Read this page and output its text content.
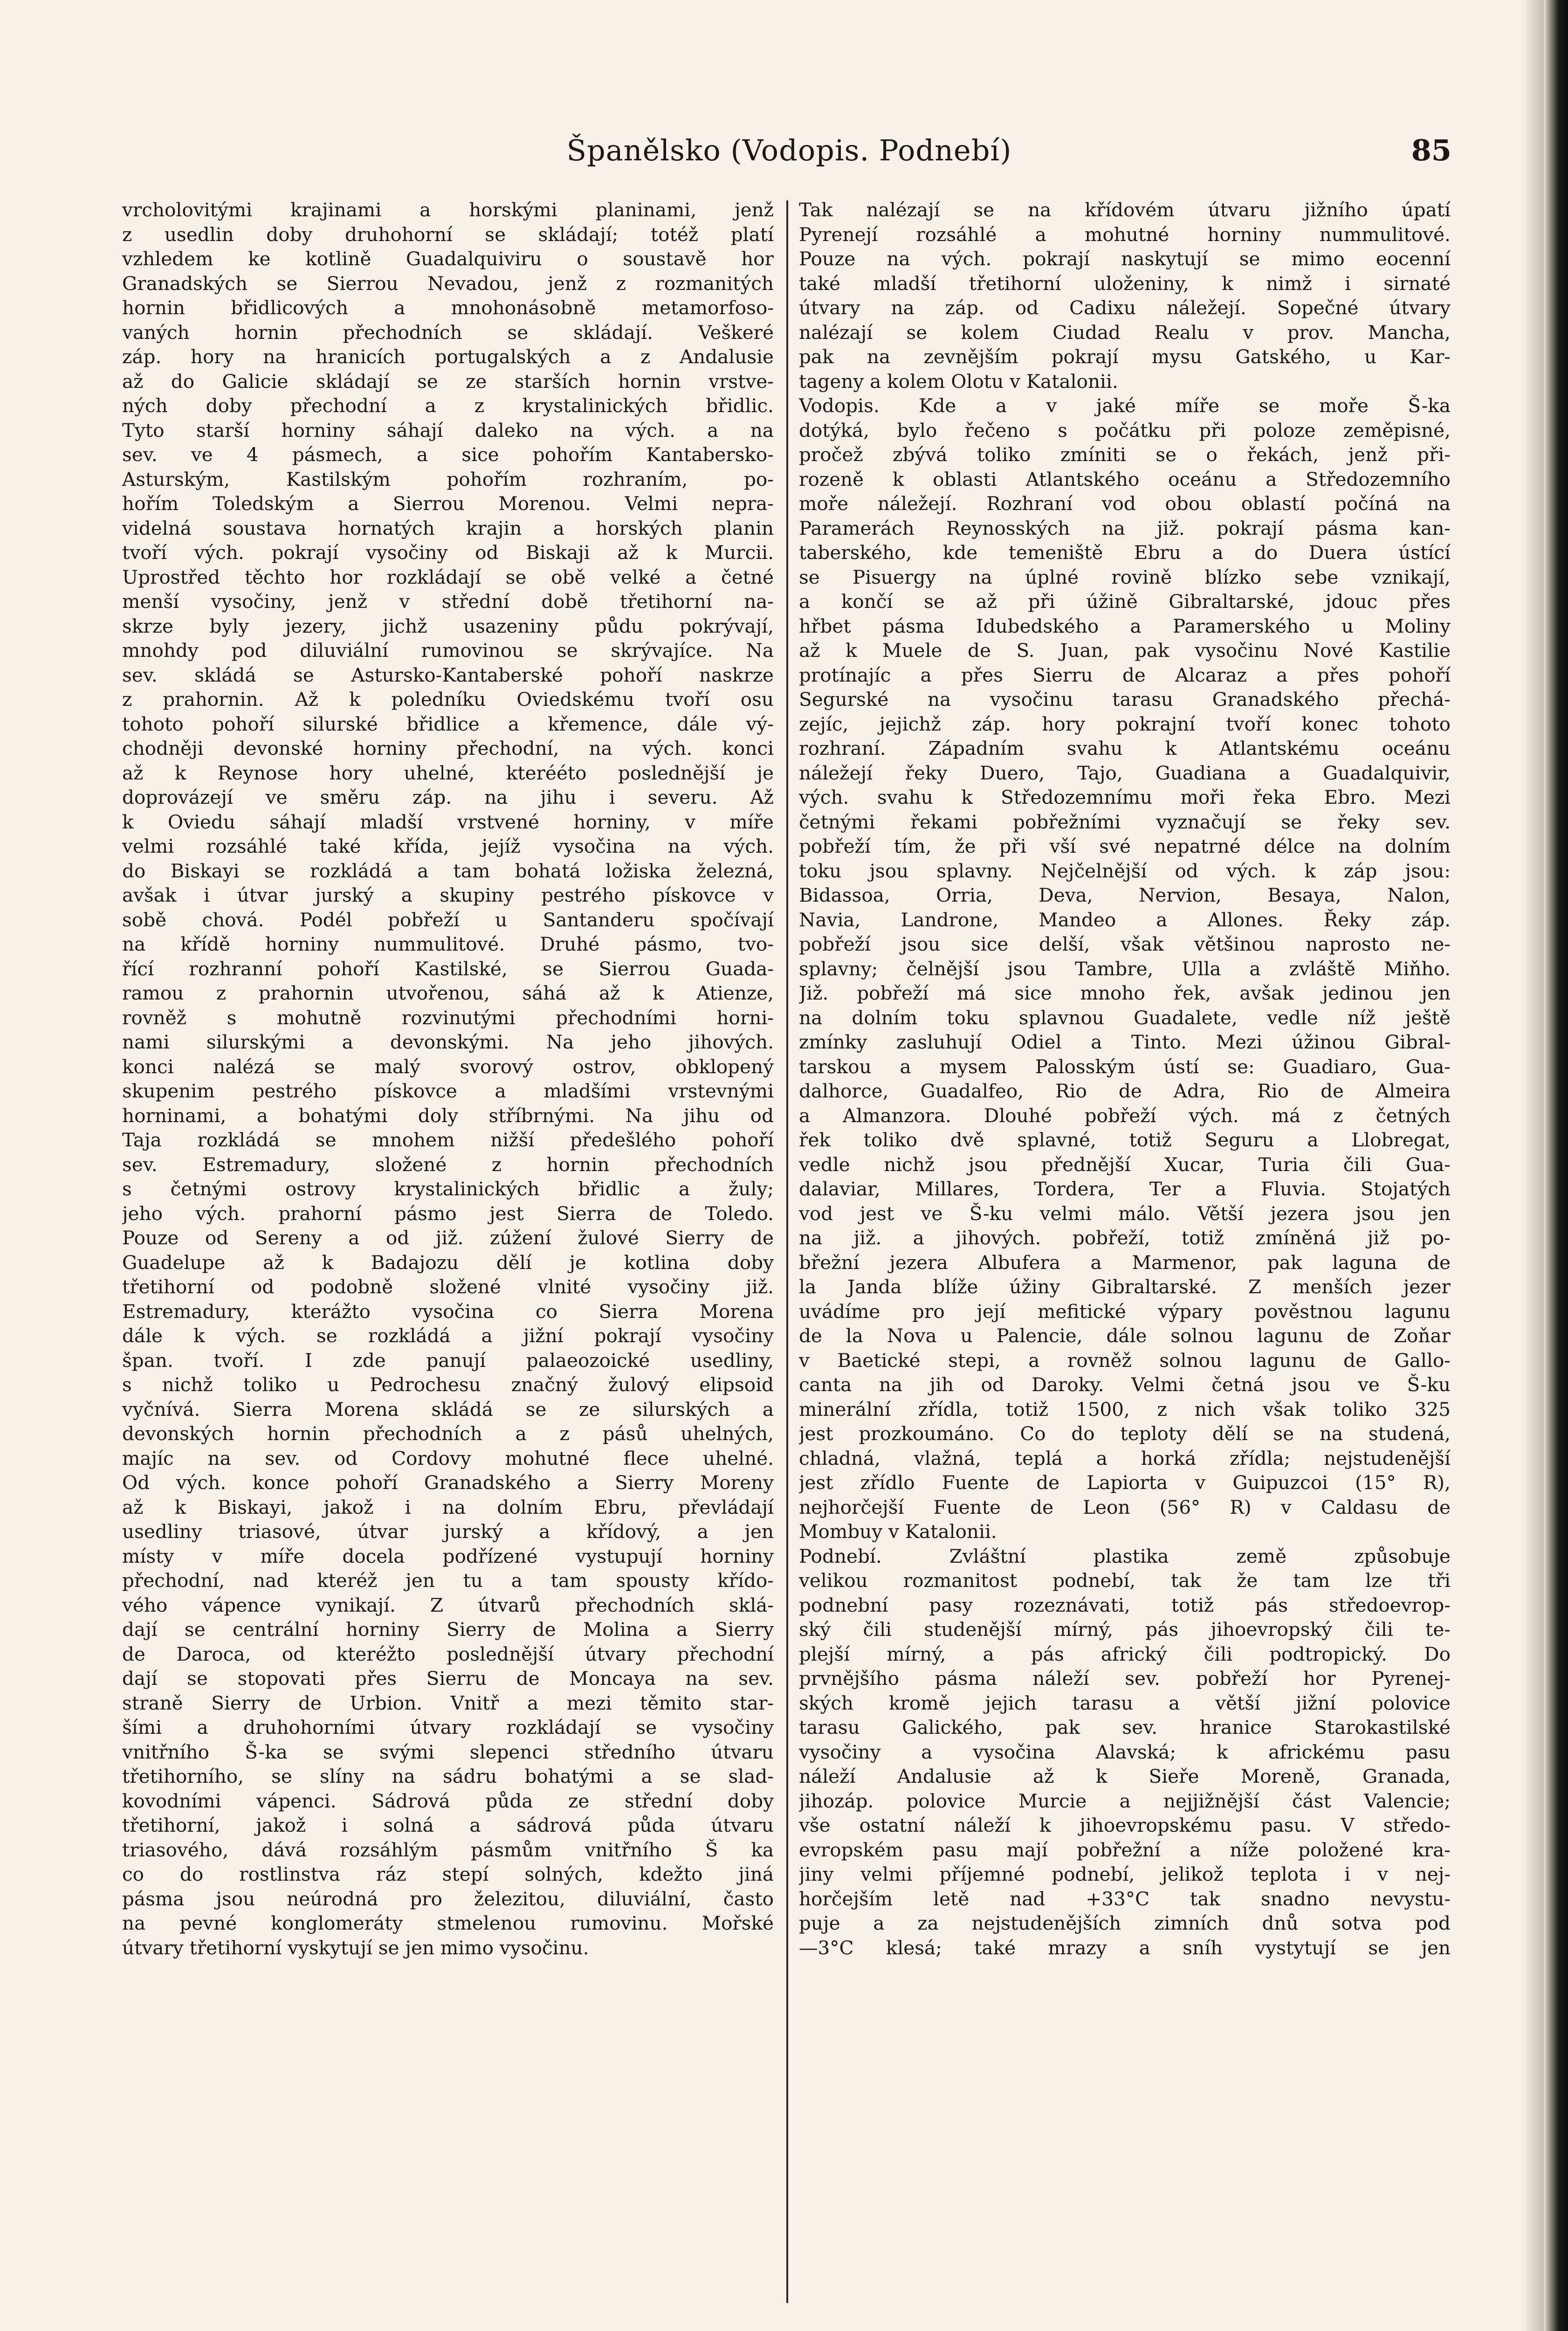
Španělsko (Vodopis. Podnebí)	85
vrcholovitými krajinami a horskými planinami, jenž
z usedlin doby druhohorní se skládají; totéž platí
vzhledem ke kotlině Guadalquiviru o soustavě hor
Granadských se Sierrou Nevadou, jenž z rozmanitých
hornin břidlicových a mnohonásobně metamorfoso-
vaných hornin přechodních se skládají. Veškeré
záp. hory na hranicích portugalských a z Andalusie
až do Galicie skládají se ze starších hornin vrstve-
ných doby přechodní a z krystalinických břidlic.
Tyto starší horniny sáhají daleko na vých. a na
sev. ve 4 pásmech, a sice pohořím Kantabersko-
Asturským, Kastilským pohořím rozhraním, po-
hořím Toledským a Sierrou Morenou. Velmi nepra-
videlná soustava hornatých krajin a horských planin
tvoří vých. pokrají vysočiny od Biskaji až k Murcii.
Uprostřed těchto hor rozkládají se obě velké a četné
menší vysočiny, jenž v střední době třetihorní na-
skrze byly jezery, jichž usazeniny půdu pokrývají,
mnohdy pod diluviální rumovinou se skrývajíce. Na
sev. skládá se Astursko-Kantaberské pohoří naskrze
z prahornin. Až k poledníku Oviedskému tvoří osu
tohoto pohoří silurské břidlice a křemence, dále vý-
chodněji devonské horniny přechodní, na vých. konci
až k Reynose hory uhelné, kterééto poslednější je
doprovázejí ve směru záp. na jihu i severu. Až
k Oviedu sáhají mladší vrstvené horniny, v míře
velmi rozsáhlé také křída, jejíž vysočina na vých.
do Biskayi se rozkládá a tam bohatá ložiska železná,
avšak i útvar jurský a skupiny pestrého pískovce v
sobě chová. Podél pobřeží u Santanderu spočívají
na křídě horniny nummulitové. Druhé pásmo, tvo-
řící rozhranní pohoří Kastilské, se Sierrou Guada-
ramou z prahornin utvořenou, sáhá až k Atienze,
rovněž s mohutně rozvinutými přechodními horni-
nami silurskými a devonskými. Na jeho jihových.
konci nalézá se malý svorový ostrov, obklopený
skupenim pestrého pískovce a mladšími vrstevnými
horninami, a bohatými doly stříbrnými. Na jihu od
Taja rozkládá se mnohem nižší předešlého pohoří
sev. Estremadury, složené z hornin přechodních
s četnými ostrovy krystalinických břidlic a žuly;
jeho vých. prahorní pásmo jest Sierra de Toledo.
Pouze od Sereny a od již. zúžení žulové Sierry de
Guadelupe až k Badajozu dělí je kotlina doby
třetihorní od podobně složené vlnité vysočiny již.
Estremadury, kterážto vysočina co Sierra Morena
dále k vých. se rozkládá a jižní pokrají vysočiny
špan. tvoří. I zde panují palaeozoické usedliny,
s nichž toliko u Pedrochesu značný žulový elipsoid
vyčnívá. Sierra Morena skládá se ze silurských a
devonských hornin přechodních a z pásů uhelných,
majíc na sev. od Cordovy mohutné flece uhelné.
Od vých. konce pohoří Granadského a Sierry Moreny
až k Biskayi, jakož i na dolním Ebru, převládají
usedliny triasové, útvar jurský a křídový, a jen
místy v míře docela podřízené vystupují horniny
přechodní, nad kteréž jen tu a tam spousty křído-
vého vápence vynikají. Z útvarů přechodních sklá-
dají se centrální horniny Sierry de Molina a Sierry
de Daroca, od kteréžto poslednější útvary přechodní
dají se stopovati přes Sierru de Moncaya na sev.
straně Sierry de Urbion. Vnitř a mezi těmito star-
šími a druhohorními útvary rozkládají se vysočiny
vnitřního Š-ka se svými slepenci středního útvaru
třetihorního, se slíny na sádru bohatými a se slad-
kovodními vápenci. Sádrová půda ze střední doby
třetihorní, jakož i solná a sádrová půda útvaru
triasového, dává rozsáhlým pásmům vnitřního Š ka
co do rostlinstva ráz stepí solných, kdežto jiná
pásma jsou neúrodná pro železitou, diluviální, často
na pevné konglomeráty stmelenou rumovinu. Mořské
útvary třetihorní vyskytují se jen mimo vysočinu.
Tak nalézají se na křídovém útvaru jižního úpatí
Pyrenejí rozsáhlé a mohutné horniny nummulitové.
Pouze na vých. pokrají naskytují se mimo eocenní
také mladší třetihorní uloženiny, k nimž i sirnaté
útvary na záp. od Cadixu náležejí. Sopečné útvary
nalézají se kolem Ciudad Realu v prov. Mancha,
pak na zevnějším pokrají mysu Gatského, u Kar-
tageny a kolem Olotu v Katalonii.
Vodopis. Kde a v jaké míře se moře Š-ka
dotýká, bylo řečeno s počátku při poloze zeměpisné,
pročež zbývá toliko zmíniti se o řekách, jenž při-
rozeně k oblasti Atlantského oceánu a Středozemního
moře náležejí. Rozhraní vod obou oblastí počíná na
Paramerách Reynosských na již. pokrají pásma kan-
taberského, kde temeniště Ebru a do Duera ústící
se Pisuergy na úplné rovině blízko sebe vznikají,
a končí se až při úžině Gibraltarské, jdouc přes
hřbet pásma Idubedského a Paramerského u Moliny
až k Muele de S. Juan, pak vysočinu Nové Kastilie
protínajíc a přes Sierru de Alcaraz a přes pohoří
Segurské na vysočinu tarasu Granadského přechá-
zejíc, jejichž záp. hory pokrajní tvoří konec tohoto
rozhraní. Západním svahu k Atlantskému oceánu
náležejí řeky Duero, Tajo, Guadiana a Guadalquivir,
vých. svahu k Středozemnímu moři řeka Ebro. Mezi
četnými řekami pobřežními vyznačují se řeky sev.
pobřeží tím, že při vší své nepatrné délce na dolním
toku jsou splavny. Nejčelnější od vých. k záp jsou:
Bidassoa, Orria, Deva, Nervion, Besaya, Nalon,
Navia, Landrone, Mandeo a Allones. Řeky záp.
pobřeží jsou sice delší, však většinou naprosto ne-
splavny; čelnější jsou Tambre, Ulla a zvláště Miňho.
Již. pobřeží má sice mnoho řek, avšak jedinou jen
na dolním toku splavnou Guadalete, vedle níž ještě
zmínky zasluhují Odiel a Tinto. Mezi úžinou Gibral-
tarskou a mysem Palosským ústí se: Guadiaro, Gua-
dalhorce, Guadalfeo, Rio de Adra, Rio de Almeira
a Almanzora. Dlouhé pobřeží vých. má z četných
řek toliko dvě splavné, totiž Seguru a Llobregat,
vedle nichž jsou přednější Xucar, Turia čili Gua-
dalaviar, Millares, Tordera, Ter a Fluvia. Stojatých
vod jest ve Š-ku velmi málo. Větší jezera jsou jen
na již. a jihových. pobřeží, totiž zmíněná již po-
břežní jezera Albufera a Marmenor, pak laguna de
la Janda blíže úžiny Gibraltarské. Z menších jezer
uvádíme pro její mefitické výpary pověstnou lagunu
de la Nova u Palencie, dále solnou lagunu de Zoňar
v Baetické stepi, a rovněž solnou lagunu de Gallo-
canta na jih od Daroky. Velmi četná jsou ve Š-ku
minerální zřídla, totiž 1500, z nich však toliko 325
jest prozkoumáno. Co do teploty dělí se na studená,
chladná, vlažná, teplá a horká zřídla; nejstudenější
jest zřídlo Fuente de Lapiorta v Guipuzcoi (15° R),
nejhorčejší Fuente de Leon (56° R) v Caldasu de
Mombuy v Katalonii.
Podnebí. Zvláštní plastika země způsobuje
velikou rozmanitost podnebí, tak že tam lze tři
podnební pasy rozeznávati, totiž pás středoevrop-
ský čili studenější mírný, pás jihoevropský čili te-
plejší mírný, a pás africký čili podtropický. Do
prvnějšího pásma náleží sev. pobřeží hor Pyrenej-
ských kromě jejich tarasu a větší jižní polovice
tarasu Galického, pak sev. hranice Starokastilské
vysočiny a vysočina Alavská; k africkému pasu
náleží Andalusie až k Sieře Moreně, Granada,
jihozáp. polovice Murcie a nejjižnější část Valencie;
vše ostatní náleží k jihoevropskému pasu. V středo-
evropském pasu mají pobřežní a níže položené kra-
jiny velmi příjemné podnebí, jelikož teplota i v nej-
horčejším letě nad +33°C tak snadno nevystu-
puje a za nejstudenějších zimních dnů sotva pod
—3°C klesá; také mrazy a sníh vystytují se jen
